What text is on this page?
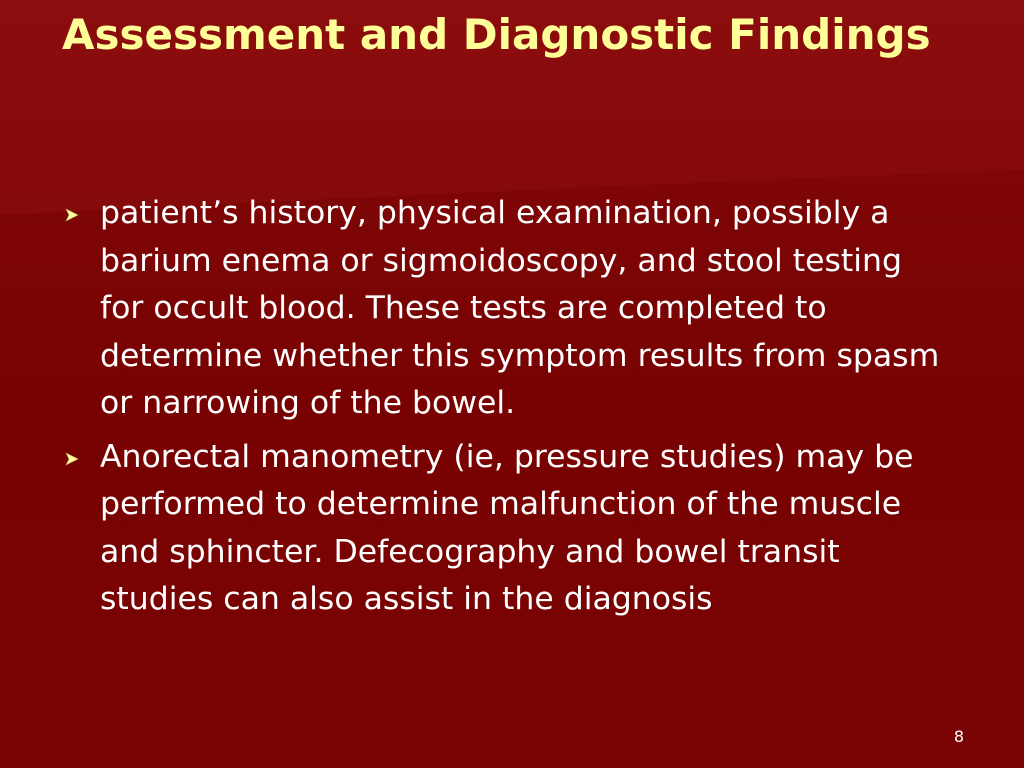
Assessment and Diagnostic Findings
patient’s history, physical examination, possibly a barium enema or sigmoidoscopy, and stool testing for occult blood. These tests are completed to determine whether this symptom results from spasm or narrowing of the bowel.
Anorectal manometry (ie, pressure studies) may be performed to determine malfunction of the muscle and sphincter. Defecography and bowel transit studies can also assist in the diagnosis
8
